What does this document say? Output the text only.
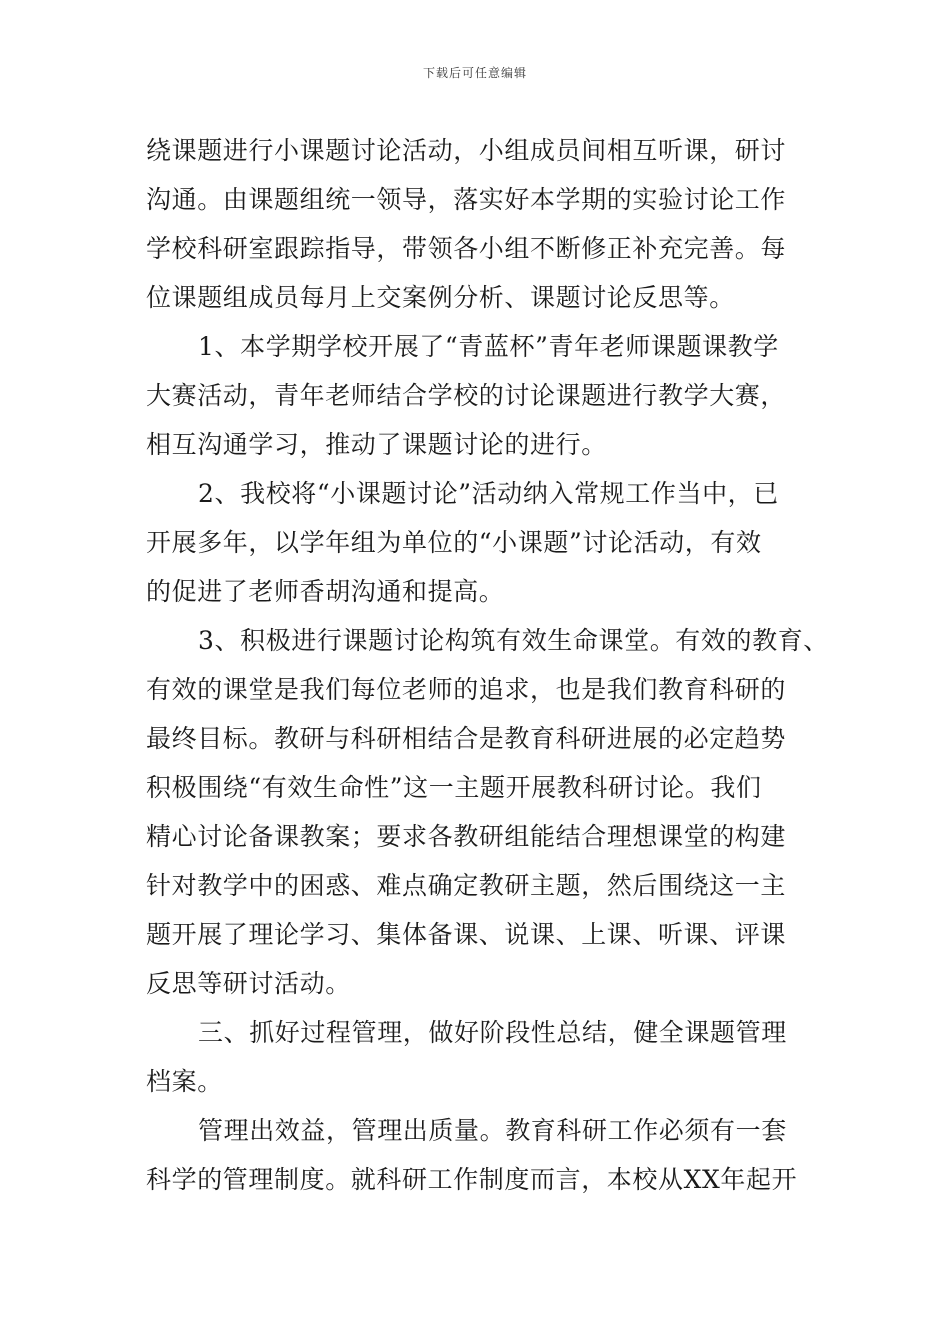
下载后可任意编辑
绕课题进行小课题讨论活动，小组成员间相互听课，研讨
沟通。由课题组统一领导，落实好本学期的实验讨论工作
学校科研室跟踪指导，带领各小组不断修正补充完善。每
位课题组成员每月上交案例分析、课题讨论反思等。
1、本学期学校开展了“青蓝杯”青年老师课题课教学
大赛活动，青年老师结合学校的讨论课题进行教学大赛，
相互沟通学习，推动了课题讨论的进行。
2、我校将“小课题讨论”活动纳入常规工作当中，已
开展多年，以学年组为单位的“小课题”讨论活动，有效
的促进了老师香胡沟通和提高。
3、积极进行课题讨论构筑有效生命课堂。有效的教育、
有效的课堂是我们每位老师的追求，也是我们教育科研的
最终目标。教研与科研相结合是教育科研进展的必定趋势
积极围绕“有效生命性”这一主题开展教科研讨论。我们
精心讨论备课教案；要求各教研组能结合理想课堂的构建
针对教学中的困惑、难点确定教研主题，然后围绕这一主
题开展了理论学习、集体备课、说课、上课、听课、评课
反思等研讨活动。
三、抓好过程管理，做好阶段性总结，健全课题管理
档案。
管理出效益，管理出质量。教育科研工作必须有一套
科学的管理制度。就科研工作制度而言，本校从XX年起开
